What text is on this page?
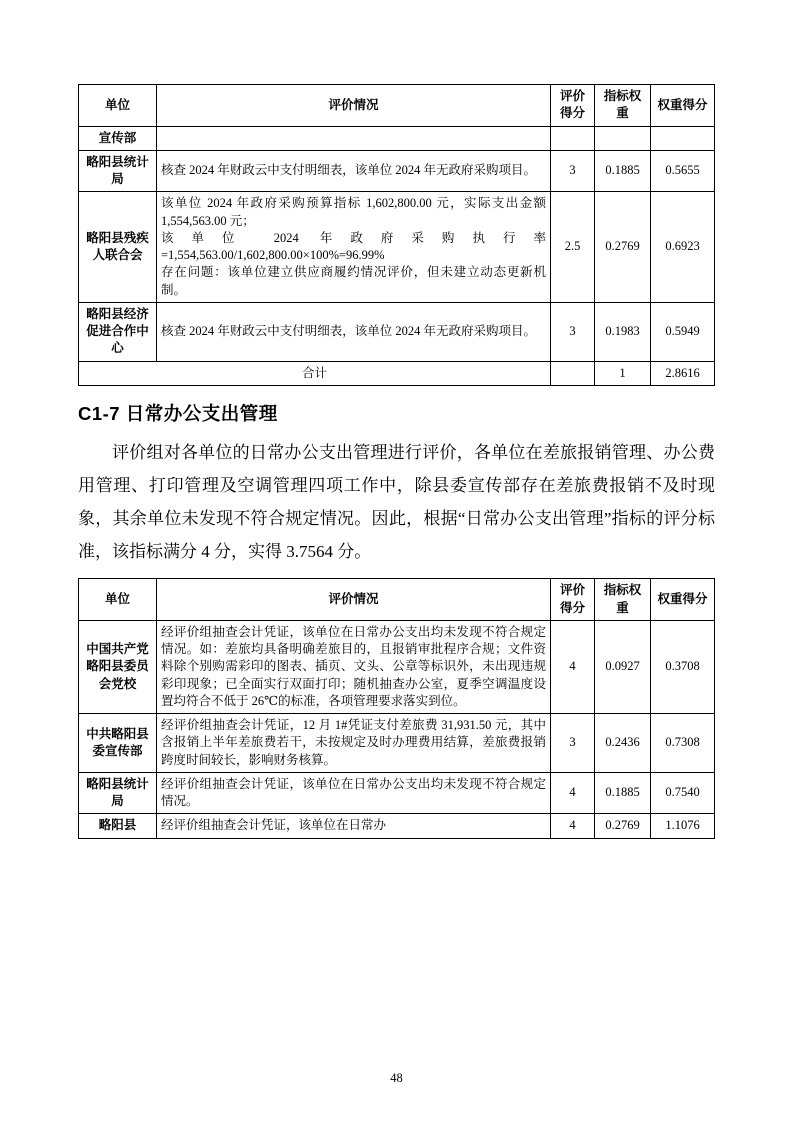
单位	评价情况	评价得分	指标权重	权重得分
宣传部				
略阳县统计局	核查 2024 年财政云中支付明细表，该单位 2024 年无政府采购项目。	3	0.1885	0.5655
略阳县残疾人联合会	该单位 2024 年政府采购预算指标 1,602,800.00 元，实际支出金额 1,554,563.00 元；
该单位 2024 年政府采购执行率=1,554,563.00/1,602,800.00×100%=96.99%
存在问题：该单位建立供应商履约情况评价，但未建立动态更新机制。	2.5	0.2769	0.6923
略阳县经济促进合作中心	核查 2024 年财政云中支付明细表，该单位 2024 年无政府采购项目。	3	0.1983	0.5949
合计			1	2.8616
C1-7 日常办公支出管理

评价组对各单位的日常办公支出管理进行评价，各单位在差旅报销管理、办公费用管理、打印管理及空调管理四项工作中，除县委宣传部存在差旅费报销不及时现象，其余单位未发现不符合规定情况。因此，根据“日常办公支出管理”指标的评分标准，该指标满分 4 分，实得 3.7564 分。

单位	评价情况	评价得分	指标权重	权重得分
中国共产党略阳县委员会党校	经评价组抽查会计凭证，该单位在日常办公支出均未发现不符合规定情况。如：差旅均具备明确差旅目的，且报销审批程序合规；文件资料除个别购需彩印的图表、插页、文头、公章等标识外，未出现违规彩印现象；已全面实行双面打印；随机抽查办公室，夏季空调温度设置均符合不低于 26℃的标准，各项管理要求落实到位。	4	0.0927	0.3708
中共略阳县委宣传部	经评价组抽查会计凭证，12 月 1#凭证支付差旅费 31,931.50 元，其中含报销上半年差旅费若干，未按规定及时办理费用结算，差旅费报销跨度时间较长，影响财务核算。	3	0.2436	0.7308
略阳县统计局	经评价组抽查会计凭证，该单位在日常办公支出均未发现不符合规定情况。	4	0.1885	0.7540
略阳县	经评价组抽查会计凭证，该单位在日常办	4	0.2769	1.1076
48
